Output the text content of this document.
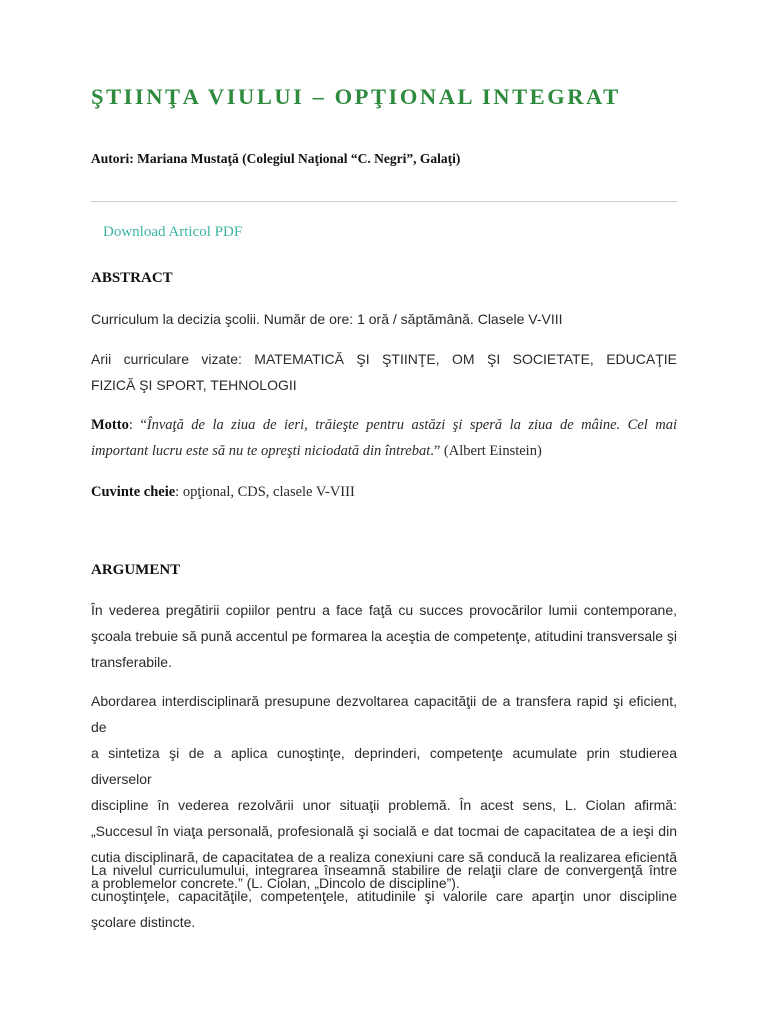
ŞTIINŢA VIULUI – OPŢIONAL INTEGRAT

Autori: Mariana Mustaţă (Colegiul Naţional “C. Negri”, Galaţi)

Download Articol PDF
ABSTRACT

Curriculum la decizia şcolii. Număr de ore: 1 oră / săptămână. Clasele V-VIII

Arii curriculare vizate: MATEMATICĂ ŞI ŞTIINŢE, OM ŞI SOCIETATE, EDUCAŢIE
FIZICĂ ŞI SPORT, TEHNOLOGII

Motto: “Învaţă de la ziua de ieri, trăieşte pentru astăzi şi speră la ziua de mâine. Cel mai
important lucru este să nu te opreşti niciodată din întrebat.” (Albert Einstein)

Cuvinte cheie: opţional, CDS, clasele V-VIII

ARGUMENT

În vederea pregătirii copiilor pentru a face faţă cu succes provocărilor lumii contemporane,
şcoala trebuie să pună accentul pe formarea la aceştia de competenţe, atitudini transversale şi
transferabile.

Abordarea interdisciplinară presupune dezvoltarea capacităţii de a transfera rapid şi eficient, de
a sintetiza şi de a aplica cunoştinţe, deprinderi, competenţe acumulate prin studierea diverselor
discipline în vederea rezolvării unor situaţii problemă. În acest sens, L. Ciolan afirmă:
„Succesul în viaţa personală, profesională şi socială e dat tocmai de capacitatea de a ieşi din
cutia disciplinară, de capacitatea de a realiza conexiuni care să conducă la realizarea eficientă
a problemelor concrete.” (L. Ciolan, „Dincolo de discipline”).

La nivelul curriculumului, integrarea înseamnă stabilire de relaţii clare de convergenţă între
cunoştinţele, capacităţile, competenţele, atitudinile şi valorile care aparţin unor discipline
şcolare distincte.
